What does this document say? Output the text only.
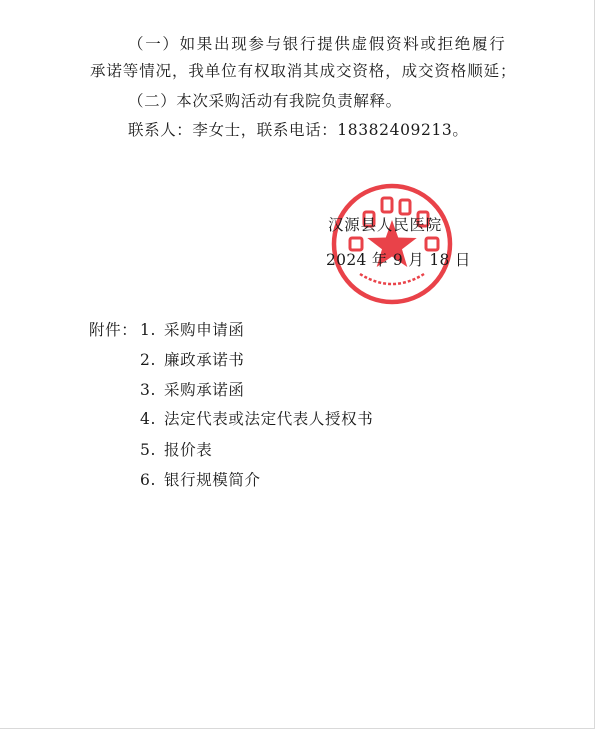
（一）如果出现参与银行提供虚假资料或拒绝履行
承诺等情况，我单位有权取消其成交资格，成交资格顺延；
（二）本次采购活动有我院负责解释。
联系人：李女士，联系电话：18382409213。
汉源县人民医院
2024 年 9 月 18 日
附件： 1. 采购申请函
2. 廉政承诺书
3. 采购承诺函
4. 法定代表或法定代表人授权书
5. 报价表
6. 银行规模简介
